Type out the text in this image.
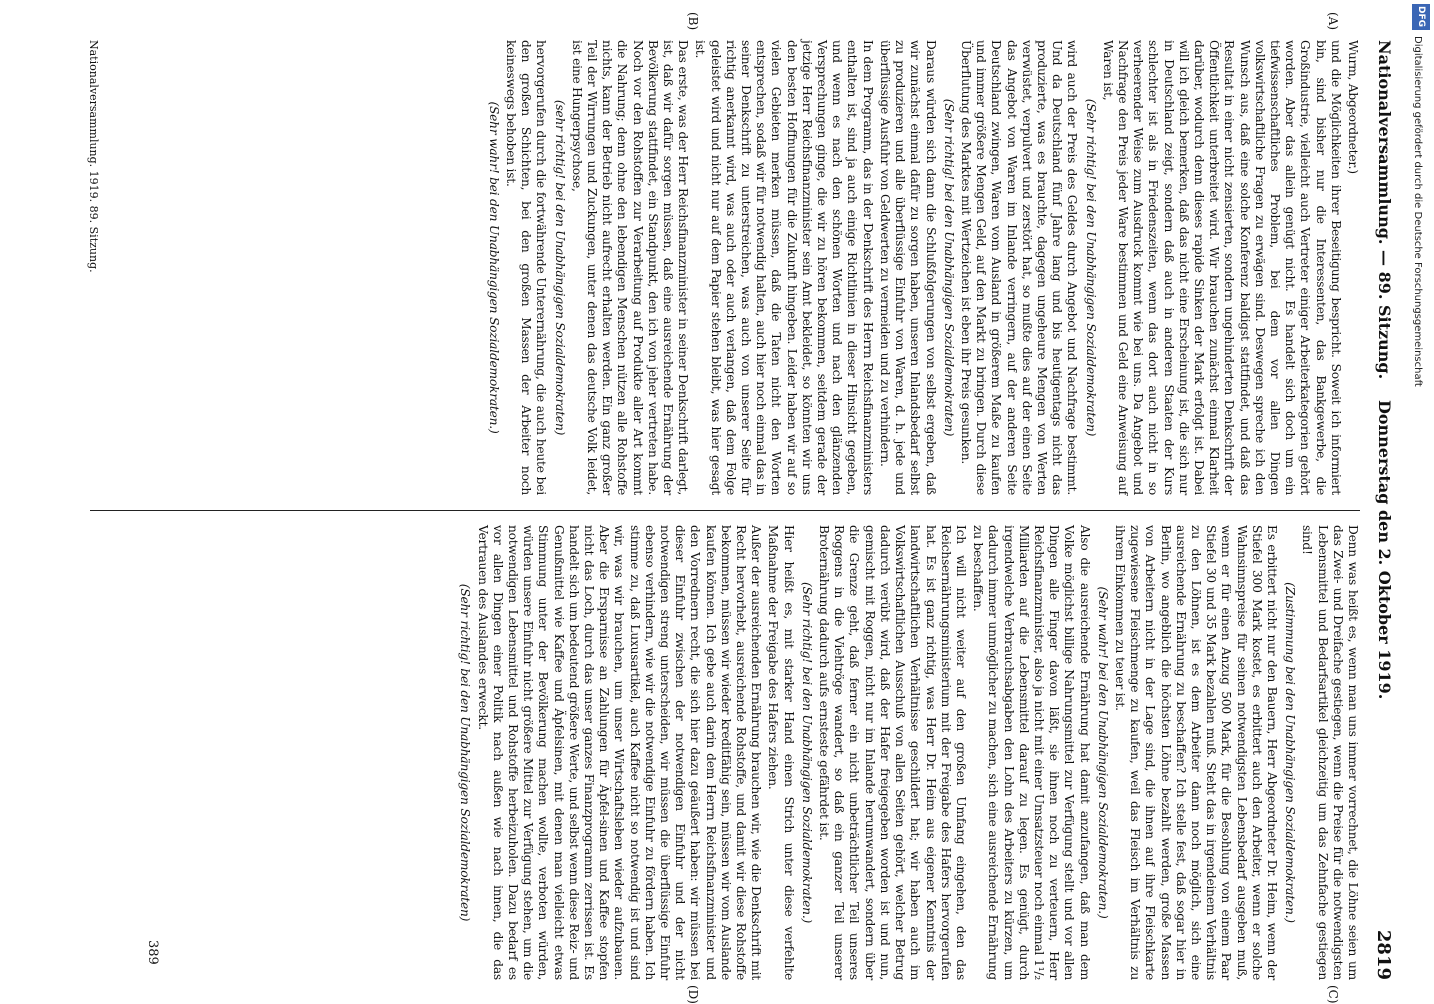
Nationalversammlung. — 89. Sitzung.
Donnerstag den 2. Oktober 1919.
2819

Wurm, Abgeordneter.)

und die Möglichkeiten ihrer Beseitigung bespricht. Soweit ich informiert bin, sind bisher nur die Interessenten, das Bankgewerbe, die Großindustrie, vielleicht auch Vertreter einiger Arbeiterkategorien gehört worden. Aber das allein genügt nicht. Es handelt sich doch um ein tiefwissenschaftliches Problem, bei dem vor allen Dingen volkswirtschaftliche Fragen zu erwägen sind. Deswegen spreche ich den Wunsch aus, daß eine solche Konferenz baldigst stattfindet, und daß das Resultat in einer nicht zensierten, sondern ungehinderten Denkschrift der Öffentlichkeit unterbreitet wird. Wir brauchen zunächst einmal Klarheit darüber, wodurch denn dieses rapide Sinken der Mark erfolgt ist. Dabei will ich gleich bemerken, daß das nicht eine Erscheinung ist, die sich nur in Deutschland zeigt, sondern daß auch in anderen Staaten der Kurs schlechter ist als in Friedenszeiten, wenn das dort auch nicht in so verheerender Weise zum Ausdruck kommt wie bei uns. Da Angebot und Nachfrage den Preis jeder Ware bestimmen und Geld eine Anweisung auf Waren ist,

(Sehr richtig! bei den Unabhängigen Sozialdemokraten)

wird auch der Preis des Geldes durch Angebot und Nachfrage bestimmt. Und da Deutschland fünf Jahre lang und bis heutigentags nicht das produzierte, was es brauchte, dagegen ungeheure Mengen von Werten verwüstet, verpulvert und zerstört hat, so mußte dies auf der einen Seite das Angebot von Waren im Inlande verringern, auf der anderen Seite Deutschland zwingen, Waren vom Ausland in größerem Maße zu kaufen und immer größere Mengen Geld, auf den Markt zu bringen. Durch diese Überflutung des Marktes mit Wertzeichen ist eben ihr Preis gesunken.

(Sehr richtig! bei den Unabhängigen Sozialdemokraten)

Daraus würden sich dann die Schlußfolgerungen von selbst ergeben, daß wir zunächst einmal dafür zu sorgen haben, unseren Inlandsbedarf selbst zu produzieren und alle überflüssige Einfuhr von Waren, d. h. jede und überflüssige Ausfuhr von Geldwerten zu vermeiden und zu verhindern.

In dem Programm, das in der Denkschrift des Herrn Reichsfinanzministers enthalten ist, sind ja auch einige Richtlinien in dieser Hinsicht gegeben, und wenn es nach den schönen Worten und nach den glänzenden Versprechungen ginge, die wir zu hören bekommen, seitdem gerade der jetzige Herr Reichsfinanzminister sein Amt bekleidet, so könnten wir uns den besten Hoffnungen für die Zukunft hingeben. Leider haben wir auf so vielen Gebieten merken müssen, daß die Taten nicht den Worten entsprechen, sodaß wir für notwendig halten, auch hier noch einmal das in seiner Denkschrift zu unterstreichen, was auch von unserer Seite für richtig anerkannt wird, was auch oder auch verlangen, daß dem Folge geleistet wird und nicht nur auf dem Papier stehen bleibt, was hier gesagt ist.

Das erste, was der Herr Reichsfinanzminister in seiner Denkschrift darlegt, ist, daß wir dafür sorgen müssen, daß eine ausreichende Ernährung der Bevölkerung stattfindet, ein Standpunkt, den ich von jeher vertreten habe. Noch vor den Rohstoffen zur Verarbeitung auf Produkte aller Art kommt die Nahrung; denn ohne den lebendigen Menschen nützen alle Rohstoffe nichts, kann der Betrieb nicht aufrecht erhalten werden. Ein ganz großer Teil der Wirrungen und Zuckungen, unter denen das deutsche Volk leidet, ist eine Hungerpsychose,

(sehr richtig! bei den Unabhängigen Sozialdemokraten)

hervorgerufen durch die fortwährende Unterernährung, die auch heute bei den großen Schichten, bei den großen Massen der Arbeiter noch keineswegs behoben ist.

(Sehr wahr! bei den Unabhängigen Sozialdemokraten.)

Denn was heißt es, wenn man uns immer vorrechnet, die Löhne seien um das Zwei- und Dreifache gestiegen, wenn die Preise für die notwendigsten Lebensmittel und Bedarfsartikel gleichzeitig um das Zehnfache gestiegen sind!

(Zustimmung bei den Unabhängigen Sozialdemokraten.)

Es erbittert nicht nur den Bauern, Herr Abgeordneter Dr. Heim, wenn der Stiefel 300 Mark kostet, es erbittert auch den Arbeiter, wenn er solche Wahnsinnspreise für seinen notwendigsten Lebensbedarf ausgeben muß, wenn er für einen Anzug 500 Mark, für die Besohlung von einem Paar Stiefel 30 und 35 Mark bezahlen muß. Steht das in irgendeinem Verhältnis zu den Löhnen, ist es dem Arbeiter dann noch möglich, sich eine ausreichende Ernährung zu beschaffen? Ich stelle fest, daß sogar hier in Berlin, wo angeblich die höchsten Löhne bezahlt werden, große Massen von Arbeitern nicht in der Lage sind, die ihnen auf ihre Fleischkarte zugewiesene Fleischmenge zu kaufen, weil das Fleisch im Verhältnis zu ihrem Einkommen zu teuer ist.

(Sehr wahr! bei den Unabhängigen Sozialdemokraten.)

Also die ausreichende Ernährung hat damit anzufangen, daß man dem Volke möglichst billige Nahrungsmittel zur Verfügung stellt und vor allen Dingen alle Finger davon läßt, sie ihnen noch zu verteuern, Herr Reichsfinanzminister, also ja nicht mit einer Umsatzsteuer noch einmal 1¹/₂ Milliarden auf die Lebensmittel darauf zu legen. Es genügt, durch irgendwelche Verbrauchsabgaben den Lohn des Arbeiters zu kürzen, um dadurch immer unmöglicher zu machen, sich eine ausreichende Ernährung zu beschaffen.

Ich will nicht weiter auf den großen Umfang eingehen, den das Reichsernährungsministerium mit der Freigabe des Hafers hervorgerufen hat. Es ist ganz richtig, was Herr Dr. Heim aus eigener Kenntnis der landwirtschaftlichen Verhältnisse geschildert hat; wir haben auch im Volkswirtschaftlichen Ausschuß von allen Seiten gehört, welcher Betrug dadurch verübt wird, daß der Hafer freigegeben worden ist und nun, gemischt mit Roggen, nicht nur im Inlande herumwandert, sondern über die Grenze geht, daß ferner ein nicht unbeträchtlicher Teil unseres Roggens in die Viehtröge wandert, so daß ein ganzer Teil unserer Broternährung dadurch aufs ernsteste gefährdet ist.

(Sehr richtig! bei den Unabhängigen Sozialdemokraten.)

Hier heißt es, mit starker Hand einen Strich unter diese verfehlte Maßnahme der Freigabe des Hafers ziehen.

Außer der ausreichenden Ernährung brauchen wir, wie die Denkschrift mit Recht hervorhebt, ausreichende Rohstoffe, und damit wir diese Rohstoffe bekommen, müssen wir wieder kreditfähig sein, müssen wir vom Auslande kaufen können. Ich gebe auch darin dem Herrn Reichsfinanzminister und den Vorrednern recht, die sich hier dazu geäußert haben: wir müssen bei dieser Einfuhr zwischen der notwendigen Einfuhr und der nicht notwendigen streng unterscheiden, wir müssen die überflüssige Einfuhr ebenso verhindern, wie wir die notwendige Einfuhr zu fördern haben. Ich stimme zu, daß Luxusartikel, auch Kaffee nicht so notwendig ist und sind wir, was wir brauchen, um unser Wirtschaftsleben wieder aufzubauen. Aber die Ersparnisse an Zahlungen für Äpfel-sinen und Kaffee stopfen nicht das Loch, durch das unser ganzes Finanzprogramm zerrissen ist. Es handelt sich um bedeutend größere Werte, und selbst wenn diese Reiz- und Genußmittel wie Kaffee und Äpfelsinen, mit denen man vielleicht etwas Stimmung unter der Bevölkerung machen wollte, verboten würden, würden unsere Einfuhr nicht größere Mittel zur Verfügung stehen, um die notwendigen Lebensmittel und Rohstoffe herbeizuholen. Dazu bedarf es vor allen Dingen einer Politik nach außen wie nach innen, die das Vertrauen des Auslandes erweckt.

(Sehr richtig! bei den Unabhängigen Sozialdemokraten)

(A)
(B)
(C)
(D)
Nationalversammlung. 1919. 89. Sitzung.
389
DFG
Digitalisierung gefördert durch die Deutsche Forschungsgemeinschaft
